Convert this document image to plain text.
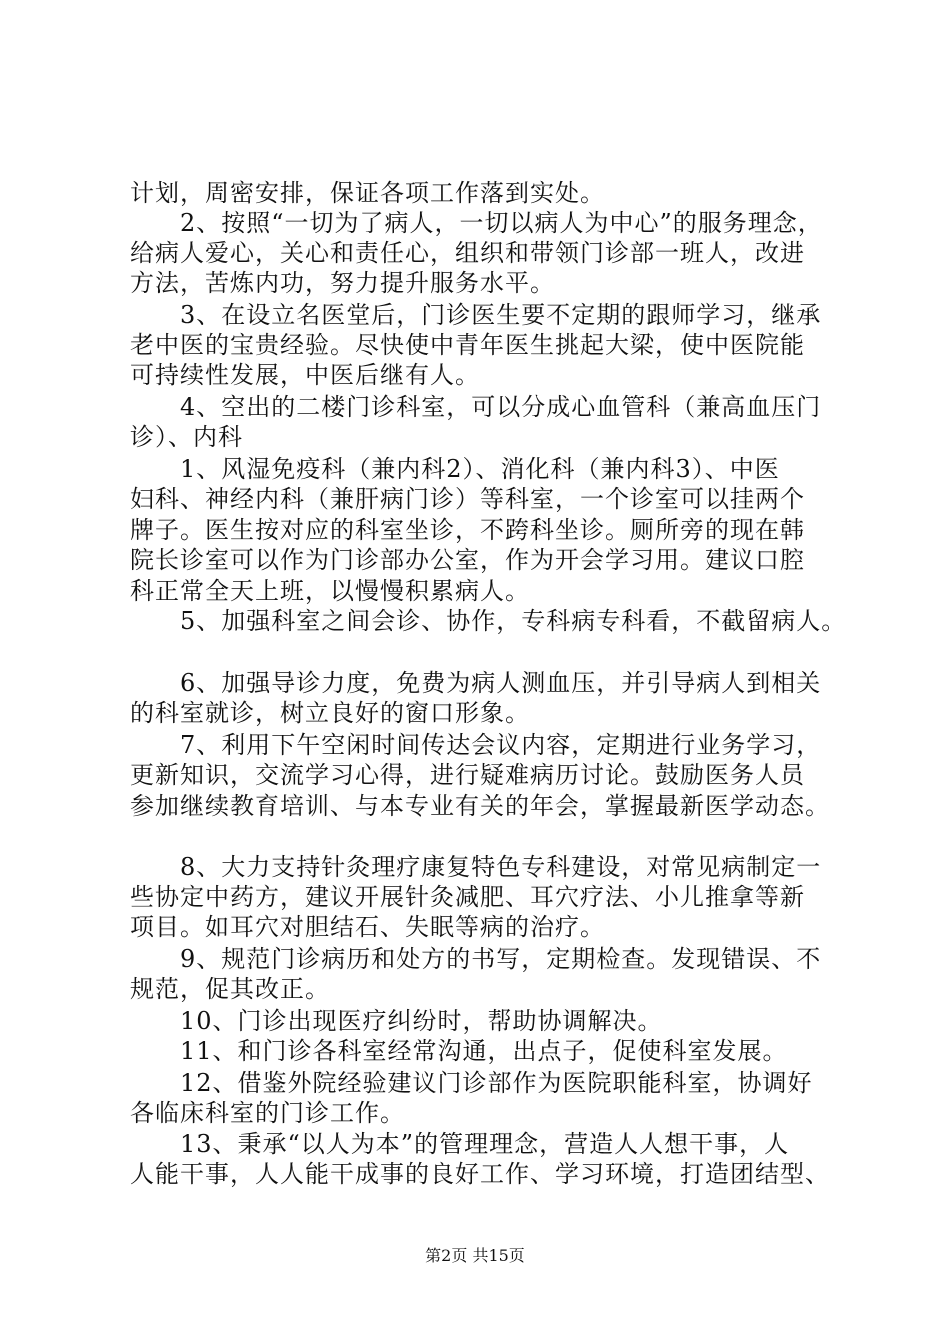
计划，周密安排，保证各项工作落到实处。
　　2、按照“一切为了病人，一切以病人为中心”的服务理念，
给病人爱心，关心和责任心，组织和带领门诊部一班人，改进
方法，苦炼内功，努力提升服务水平。
　　3、在设立名医堂后，门诊医生要不定期的跟师学习，继承
老中医的宝贵经验。尽快使中青年医生挑起大梁，使中医院能
可持续性发展，中医后继有人。
　　4、空出的二楼门诊科室，可以分成心血管科（兼高血压门
诊）、内科
　　1、风湿免疫科（兼内科2）、消化科（兼内科3）、中医
妇科、神经内科（兼肝病门诊）等科室，一个诊室可以挂两个
牌子。医生按对应的科室坐诊，不跨科坐诊。厕所旁的现在韩
院长诊室可以作为门诊部办公室，作为开会学习用。建议口腔
科正常全天上班，以慢慢积累病人。
　　5、加强科室之间会诊、协作，专科病专科看，不截留病人。
　　6、加强导诊力度，免费为病人测血压，并引导病人到相关
的科室就诊，树立良好的窗口形象。
　　7、利用下午空闲时间传达会议内容，定期进行业务学习，
更新知识，交流学习心得，进行疑难病历讨论。鼓励医务人员
参加继续教育培训、与本专业有关的年会，掌握最新医学动态。
　　8、大力支持针灸理疗康复特色专科建设，对常见病制定一
些协定中药方，建议开展针灸减肥、耳穴疗法、小儿推拿等新
项目。如耳穴对胆结石、失眠等病的治疗。
　　9、规范门诊病历和处方的书写，定期检查。发现错误、不
规范，促其改正。
　　10、门诊出现医疗纠纷时，帮助协调解决。
　　11、和门诊各科室经常沟通，出点子，促使科室发展。
　　12、借鉴外院经验建议门诊部作为医院职能科室，协调好
各临床科室的门诊工作。
　　13、秉承“以人为本”的管理理念，营造人人想干事，人
人能干事，人人能干成事的良好工作、学习环境，打造团结型、
第2页 共15页
